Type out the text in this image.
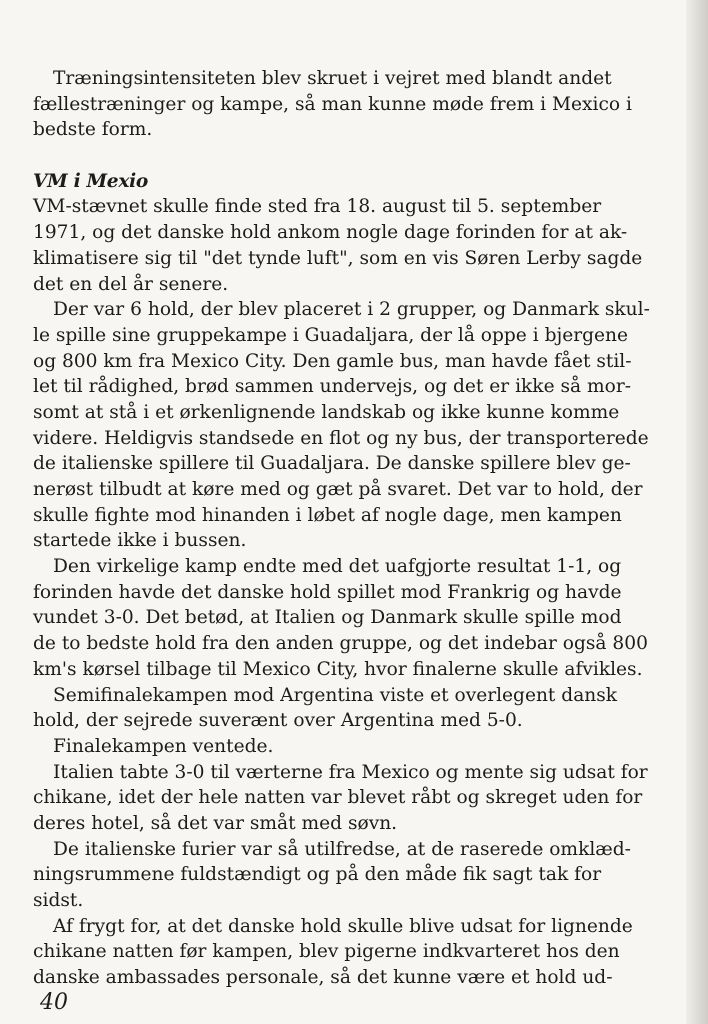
Træningsintensiteten blev skruet i vejret med blandt andet
fællestræninger og kampe, så man kunne møde frem i Mexico i
bedste form.
VM i Mexio
VM-stævnet skulle finde sted fra 18. august til 5. september
1971, og det danske hold ankom nogle dage forinden for at ak-
klimatisere sig til "det tynde luft", som en vis Søren Lerby sagde
det en del år senere.
Der var 6 hold, der blev placeret i 2 grupper, og Danmark skul-
le spille sine gruppekampe i Guadaljara, der lå oppe i bjergene
og 800 km fra Mexico City. Den gamle bus, man havde fået stil-
let til rådighed, brød sammen undervejs, og det er ikke så mor-
somt at stå i et ørkenlignende landskab og ikke kunne komme
videre. Heldigvis standsede en flot og ny bus, der transporterede
de italienske spillere til Guadaljara. De danske spillere blev ge-
nerøst tilbudt at køre med og gæt på svaret. Det var to hold, der
skulle fighte mod hinanden i løbet af nogle dage, men kampen
startede ikke i bussen.
Den virkelige kamp endte med det uafgjorte resultat 1-1, og
forinden havde det danske hold spillet mod Frankrig og havde
vundet 3-0. Det betød, at Italien og Danmark skulle spille mod
de to bedste hold fra den anden gruppe, og det indebar også 800
km's kørsel tilbage til Mexico City, hvor finalerne skulle afvikles.
Semifinalekampen mod Argentina viste et overlegent dansk
hold, der sejrede suverænt over Argentina med 5-0.
Finalekampen ventede.
Italien tabte 3-0 til værterne fra Mexico og mente sig udsat for
chikane, idet der hele natten var blevet råbt og skreget uden for
deres hotel, så det var småt med søvn.
De italienske furier var så utilfredse, at de raserede omklæd-
ningsrummene fuldstændigt og på den måde fik sagt tak for
sidst.
Af frygt for, at det danske hold skulle blive udsat for lignende
chikane natten før kampen, blev pigerne indkvarteret hos den
danske ambassades personale, så det kunne være et hold ud-
40
